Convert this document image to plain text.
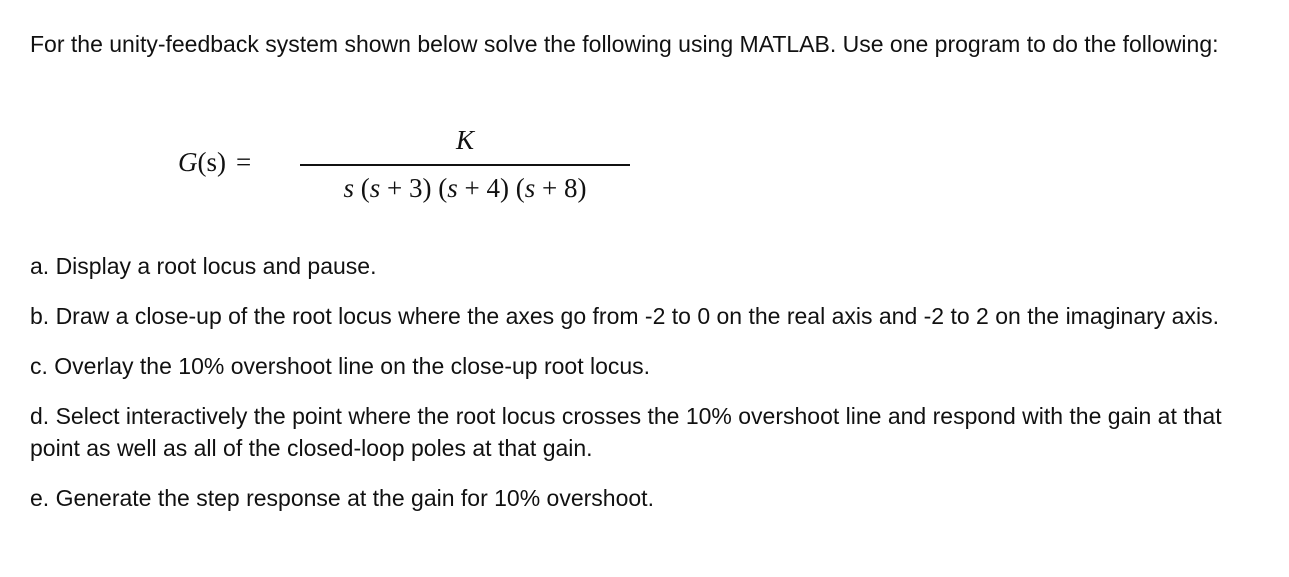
For the unity-feedback system shown below solve the following using MATLAB. Use one program to do the following:

G(s) =
K
s (s + 3) (s + 4) (s + 8)
a. Display a root locus and pause.
b. Draw a close-up of the root locus where the axes go from -2 to 0 on the real axis and -2 to 2 on the imaginary axis.
c. Overlay the 10% overshoot line on the close-up root locus.
d. Select interactively the point where the root locus crosses the 10% overshoot line and respond with the gain at that point as well as all of the closed-loop poles at that gain.
e. Generate the step response at the gain for 10% overshoot.
